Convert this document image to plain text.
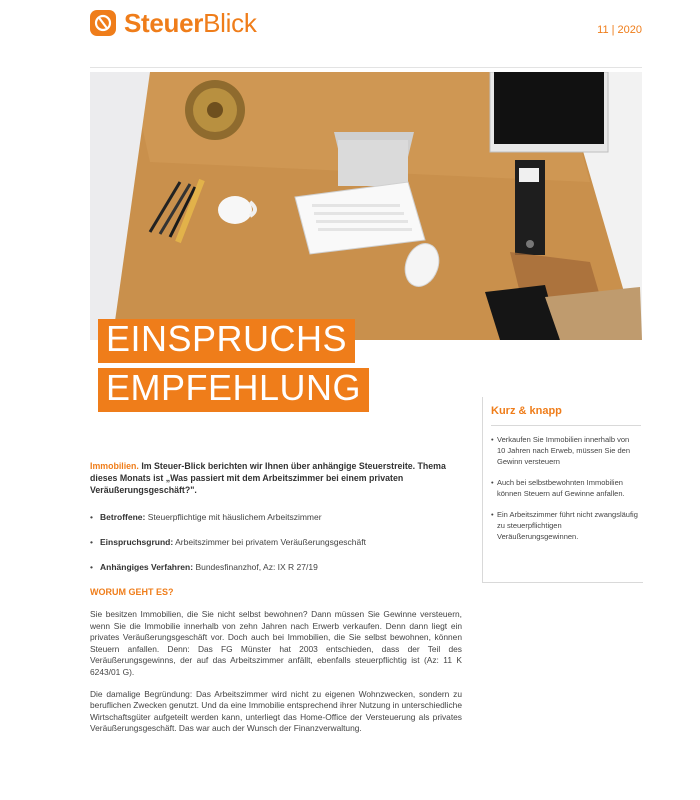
SteuerBlick	11 | 2020
EINSPRUCHS
EMPFEHLUNG
Kurz & knapp
• Verkaufen Sie Immobilien innerhalb von 10 Jahren nach Erweb, müssen Sie den Gewinn versteuern
• Auch bei selbstbewohnten Immobilien können Steuern auf Gewinne anfallen.
• Ein Arbeitszimmer führt nicht zwangsläufig zu steuerpflichtigen Veräußerungsgewinnen.

Immobilien. Im Steuer-Blick berichten wir Ihnen über anhängige Steuerstreite. Thema dieses Monats ist „Was passiert mit dem Arbeitszimmer bei einem privaten Veräußerungsgeschäft?".

• Betroffene: Steuerpflichtige mit häuslichem Arbeitszimmer
• Einspruchsgrund: Arbeitszimmer bei privatem Veräußerungsgeschäft
• Anhängiges Verfahren: Bundesfinanzhof, Az: IX R 27/19
WORUM GEHT ES?

Sie besitzen Immobilien, die Sie nicht selbst bewohnen? Dann müssen Sie Gewinne versteuern, wenn Sie die Immobilie innerhalb von zehn Jahren nach Erwerb verkaufen. Denn dann liegt ein privates Veräußerungsgeschäft vor. Doch auch bei Immobilien, die Sie selbst bewohnen, können Steuern anfallen. Denn: Das FG Münster hat 2003 entschieden, dass der Teil des Veräußerungsgewinns, der auf das Arbeitszimmer anfällt, ebenfalls steuerpflichtig ist (Az: 11 K 6243/01 G).

Die damalige Begründung: Das Arbeitszimmer wird nicht zu eigenen Wohnzwecken, sondern zu beruflichen Zwecken genutzt. Und da eine Immobilie entsprechend ihrer Nutzung in unterschiedliche Wirtschaftsgüter aufgeteilt werden kann, unterliegt das Home-Office der Versteuerung als privates Veräußerungsgeschäft. Das war auch der Wunsch der Finanzverwaltung.
